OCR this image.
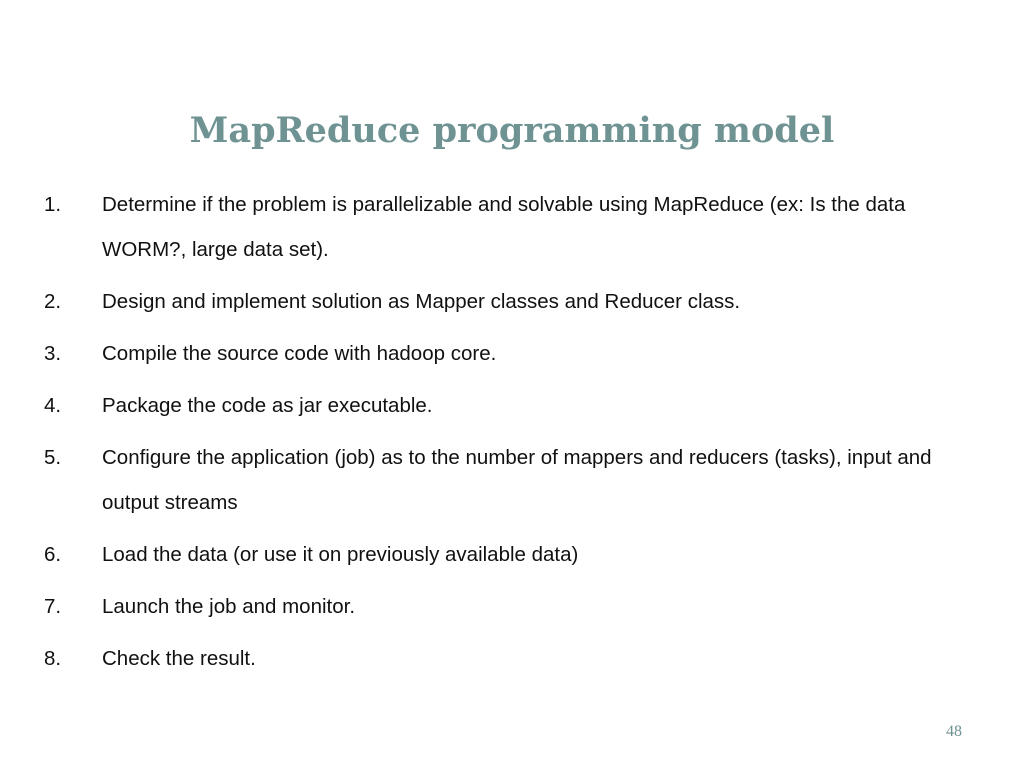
MapReduce programming model
1.	Determine if the problem is parallelizable and solvable using MapReduce (ex: Is the data WORM?, large data set).
2.	Design and implement solution as Mapper classes and Reducer class.
3.	Compile the source code with hadoop core.
4.	Package the code as jar executable.
5.	Configure the application (job) as to the number of mappers and reducers (tasks), input and output streams
6.	Load the data (or use it on previously available data)
7.	Launch the job and monitor.
8.	Check the result.
48
